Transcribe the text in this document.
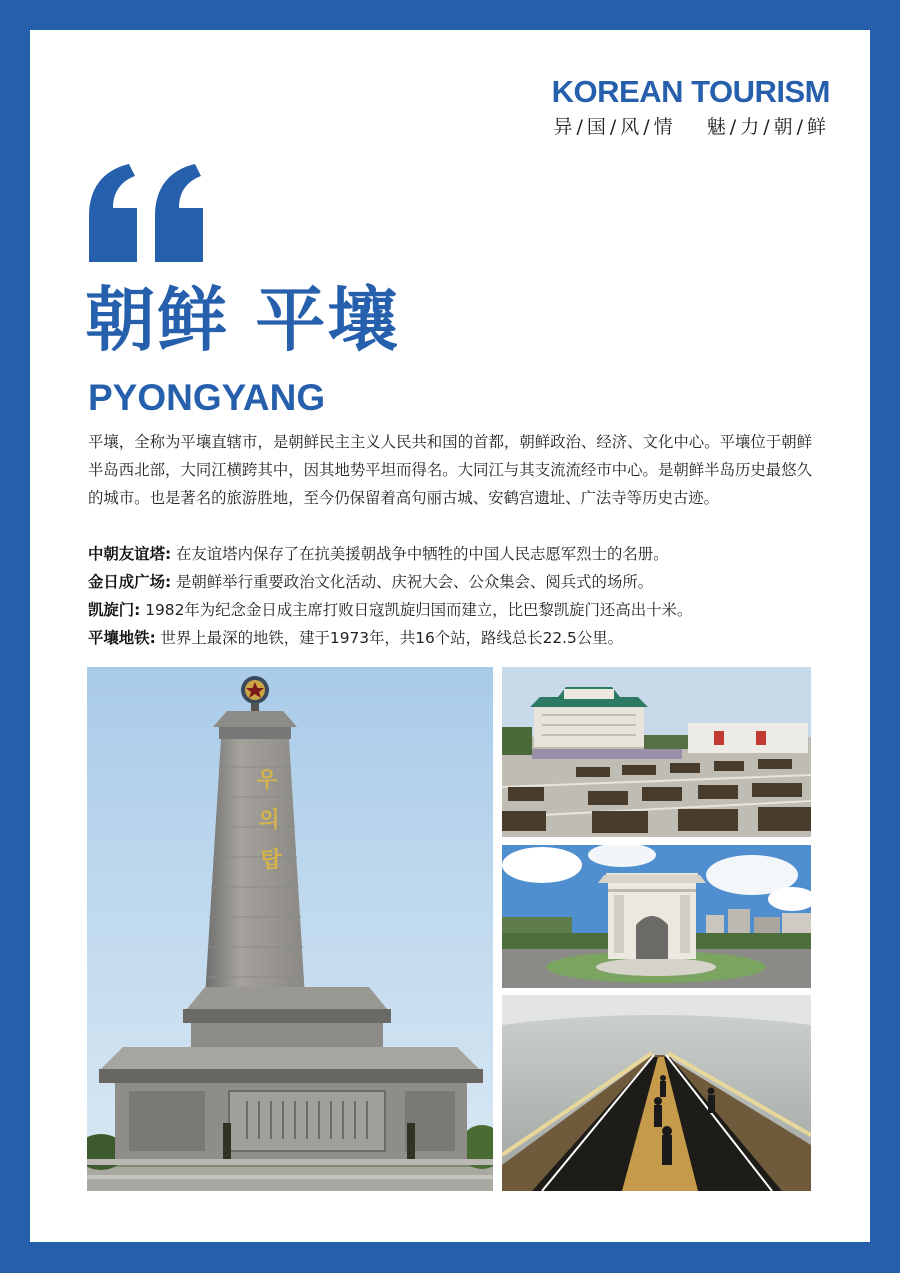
KOREAN TOURISM
异/国/风/情   魅/力/朝/鲜
朝鲜 平壤
PYONGYANG

平壤，全称为平壤直辖市，是朝鲜民主主义人民共和国的首都，朝鲜政治、经济、文化中心。平壤位于朝鲜半岛西北部，大同江横跨其中，因其地势平坦而得名。大同江与其支流流经市中心。是朝鲜半岛历史最悠久的城市。也是著名的旅游胜地，至今仍保留着高句丽古城、安鹤宫遗址、广法寺等历史古迹。

中朝友谊塔: 在友谊塔内保存了在抗美援朝战争中牺牲的中国人民志愿军烈士的名册。
金日成广场: 是朝鲜举行重要政治文化活动、庆祝大会、公众集会、阅兵式的场所。
凯旋门: 1982年为纪念金日成主席打败日寇凯旋归国而建立，比巴黎凯旋门还高出十米。
平壤地铁: 世界上最深的地铁，建于1973年，共16个站，路线总长22.5公里。
우
의
탑
